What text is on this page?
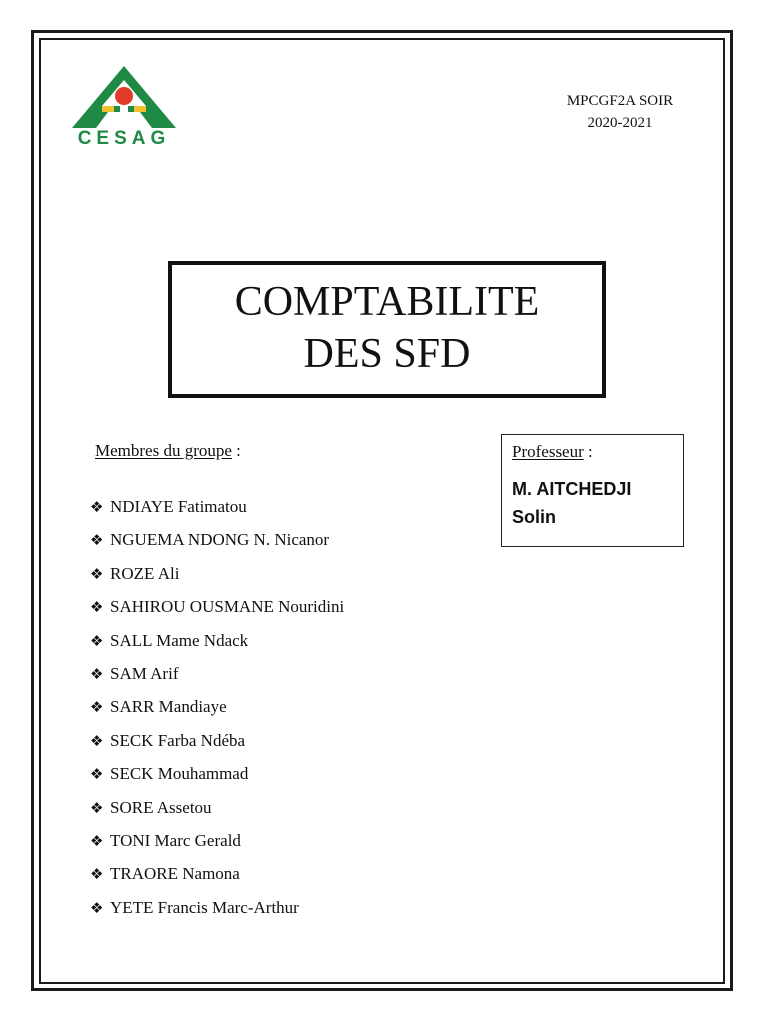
CESAG
MPCGF2A SOIR
2020-2021
COMPTABILITE
DES SFD
Membres du groupe :
❖ NDIAYE Fatimatou
❖ NGUEMA NDONG N. Nicanor
❖ ROZE Ali
❖ SAHIROU OUSMANE Nouridini
❖ SALL Mame Ndack
❖ SAM Arif
❖ SARR Mandiaye
❖ SECK Farba Ndéba
❖ SECK Mouhammad
❖ SORE Assetou
❖ TONI Marc Gerald
❖ TRAORE Namona
❖ YETE Francis Marc-Arthur
Professeur :
M. AITCHEDJI
Solin
